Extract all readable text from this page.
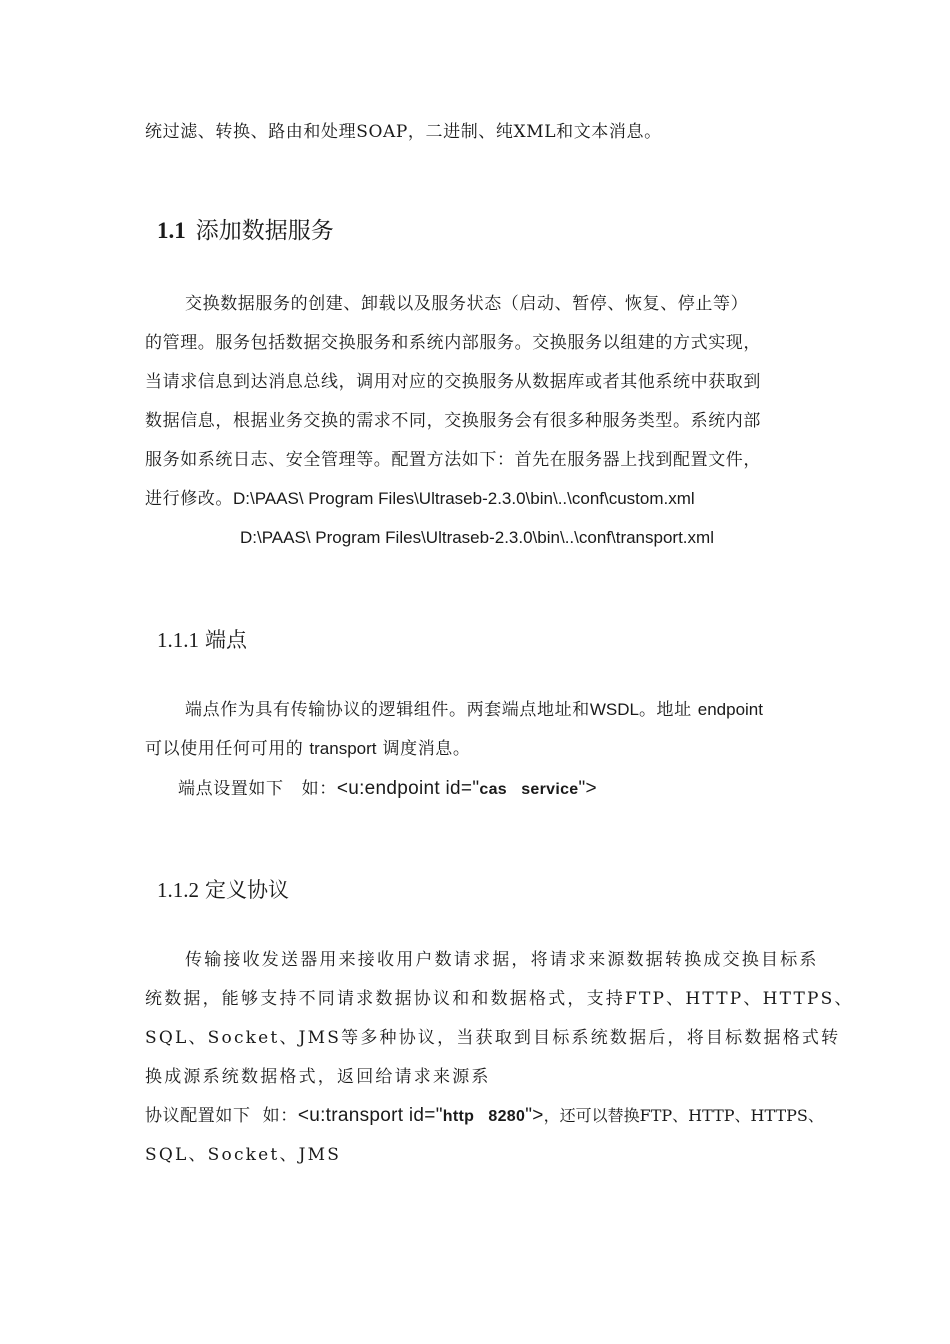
统过滤、转换、路由和处理SOAP，二进制、纯XML和文本消息。
1.1 添加数据服务
交换数据服务的创建、卸载以及服务状态（启动、暂停、恢复、停止等）
的管理。服务包括数据交换服务和系统内部服务。交换服务以组建的方式实现，
当请求信息到达消息总线，调用对应的交换服务从数据库或者其他系统中获取到
数据信息，根据业务交换的需求不同，交换服务会有很多种服务类型。系统内部
服务如系统日志、安全管理等。配置方法如下：首先在服务器上找到配置文件，
进行修改。D:\PAAS\ Program Files\Ultraseb-2.3.0\bin\..\conf\custom.xml
D:\PAAS\ Program Files\Ultraseb-2.3.0\bin\..\conf\transport.xml
1.1.1 端点
端点作为具有传输协议的逻辑组件。两套端点地址和WSDL。地址 endpoint
可以使用任何可用的 transport 调度消息。
端点设置如下   如：<u:endpoint id="cas   service">
1.1.2 定义协议
传输接收发送器用来接收用户数请求据，将请求来源数据转换成交换目标系
统数据，能够支持不同请求数据协议和和数据格式，支持FTP、HTTP、HTTPS、
SQL、Socket、JMS等多种协议，当获取到目标系统数据后，将目标数据格式转
换成源系统数据格式，返回给请求来源系
协议配置如下  如：<u:transport id="http   8280">，还可以替换FTP、HTTP、HTTPS、
SQL、Socket、JMS
